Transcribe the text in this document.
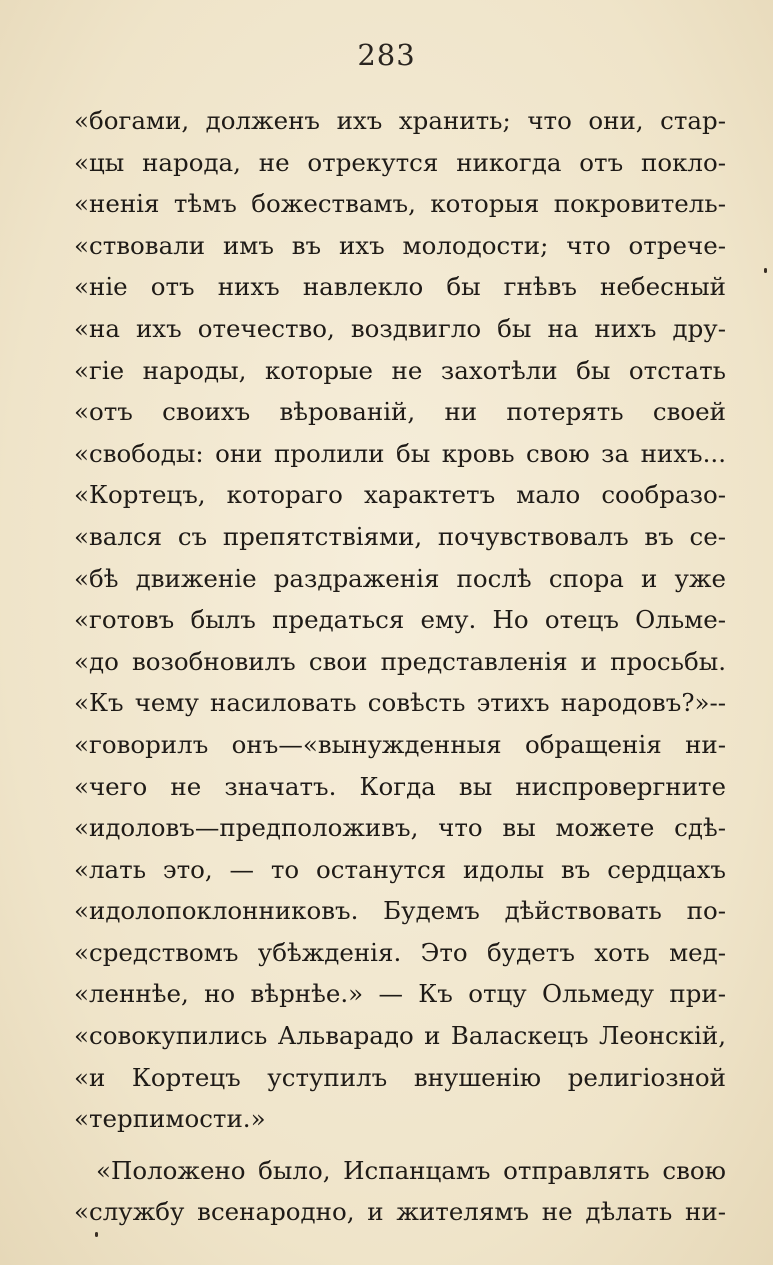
283
«богами, долженъ ихъ хранить; что они, стар-
«цы народа, не отрекутся никогда отъ покло-
«ненія тѣмъ божествамъ, которыя покровитель-
«ствовали имъ въ ихъ молодости; что отрече-
«ніе отъ нихъ навлекло бы гнѣвъ небесный
«на ихъ отечество, воздвигло бы на нихъ дру-
«гіе народы, которые не захотѣли бы отстать
«отъ своихъ вѣрованій, ни потерять своей
«свободы: они пролили бы кровь свою за нихъ...
«Кортецъ, котораго характетъ мало сообразо-
«вался съ препятствіями, почувствовалъ въ се-
«бѣ движеніе раздраженія послѣ спора и уже
«готовъ былъ предаться ему. Но отецъ Ольме-
«до возобновилъ свои представленія и просьбы.
«Къ чему насиловать совѣсть этихъ народовъ?»--
«говорилъ онъ—«вынужденныя обращенія ни-
«чего не значатъ. Когда вы ниспровергните
«идоловъ—предположивъ, что вы можете сдѣ-
«лать это, — то останутся идолы въ сердцахъ
«идолопоклонниковъ. Будемъ дѣйствовать по-
«средствомъ убѣжденія. Это будетъ хоть мед-
«леннѣе, но вѣрнѣе.» — Къ отцу Ольмеду при-
«совокупились Альварадо и Валаскецъ Леонскій,
«и Кортецъ уступилъ внушенію религіозной
«терпимости.»
«Положено было, Испанцамъ отправлять свою
«службу всенародно, и жителямъ не дѣлать ни-
